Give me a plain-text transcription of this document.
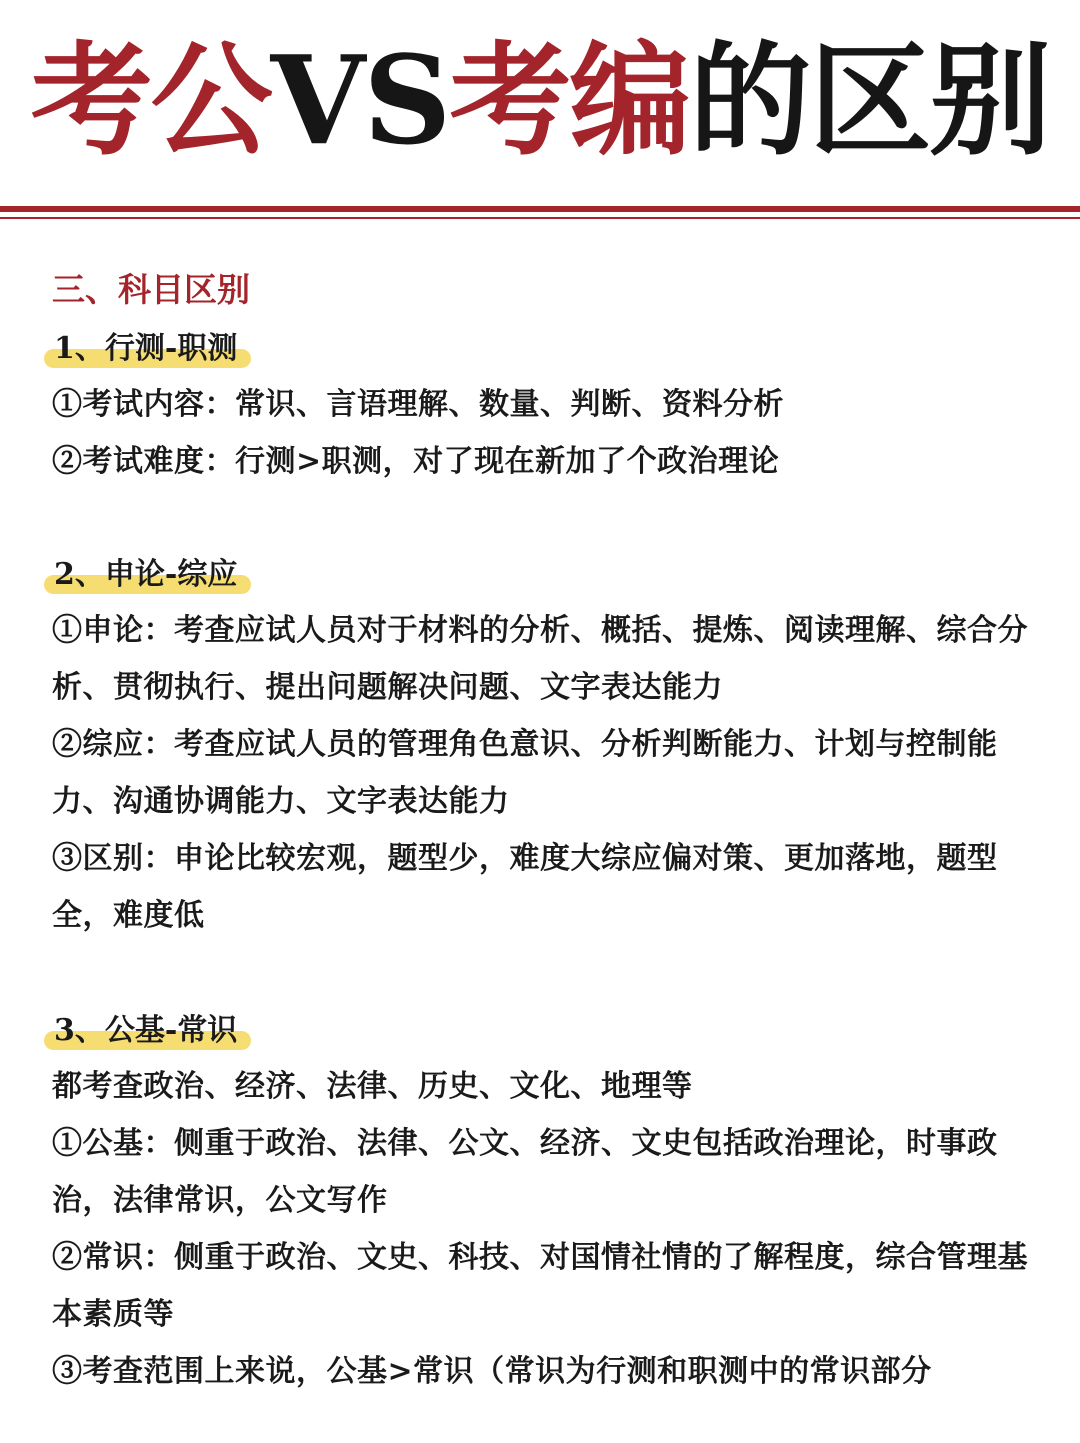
考公VS考编的区别
三、科目区别
1、行测-职测

①考试内容：常识、言语理解、数量、判断、资料分析

②考试难度：行测>职测，对了现在新加了个政治理论

2、申论-综应

①申论：考查应试人员对于材料的分析、概括、提炼、阅读理解、综合分析、贯彻执行、提出问题解决问题、文字表达能力

②综应：考查应试人员的管理角色意识、分析判断能力、计划与控制能力、沟通协调能力、文字表达能力

③区别：申论比较宏观，题型少，难度大综应偏对策、更加落地，题型全，难度低

3、公基-常识

都考查政治、经济、法律、历史、文化、地理等

①公基：侧重于政治、法律、公文、经济、文史包括政治理论，时事政治，法律常识，公文写作

②常识：侧重于政治、文史、科技、对国情社情的了解程度，综合管理基本素质等

③考查范围上来说，公基>常识（常识为行测和职测中的常识部分
